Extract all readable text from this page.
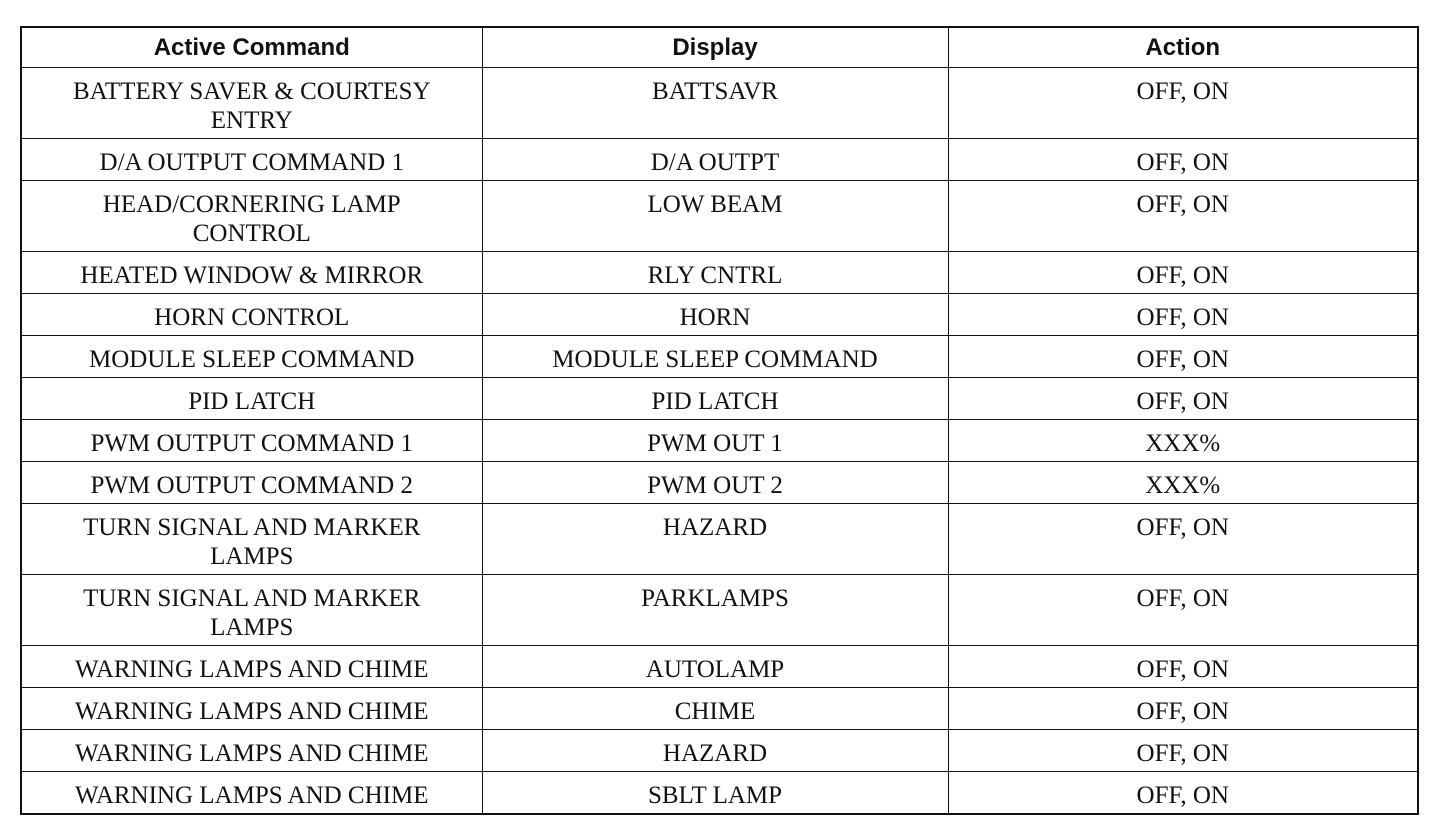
Active Command	Display	Action
BATTERY SAVER & COURTESY ENTRY	BATTSAVR	OFF, ON
D/A OUTPUT COMMAND 1	D/A OUTPT	OFF, ON
HEAD/CORNERING LAMP CONTROL	LOW BEAM	OFF, ON
HEATED WINDOW & MIRROR	RLY CNTRL	OFF, ON
HORN CONTROL	HORN	OFF, ON
MODULE SLEEP COMMAND	MODULE SLEEP COMMAND	OFF, ON
PID LATCH	PID LATCH	OFF, ON
PWM OUTPUT COMMAND 1	PWM OUT 1	XXX%
PWM OUTPUT COMMAND 2	PWM OUT 2	XXX%
TURN SIGNAL AND MARKER LAMPS	HAZARD	OFF, ON
TURN SIGNAL AND MARKER LAMPS	PARKLAMPS	OFF, ON
WARNING LAMPS AND CHIME	AUTOLAMP	OFF, ON
WARNING LAMPS AND CHIME	CHIME	OFF, ON
WARNING LAMPS AND CHIME	HAZARD	OFF, ON
WARNING LAMPS AND CHIME	SBLT LAMP	OFF, ON
